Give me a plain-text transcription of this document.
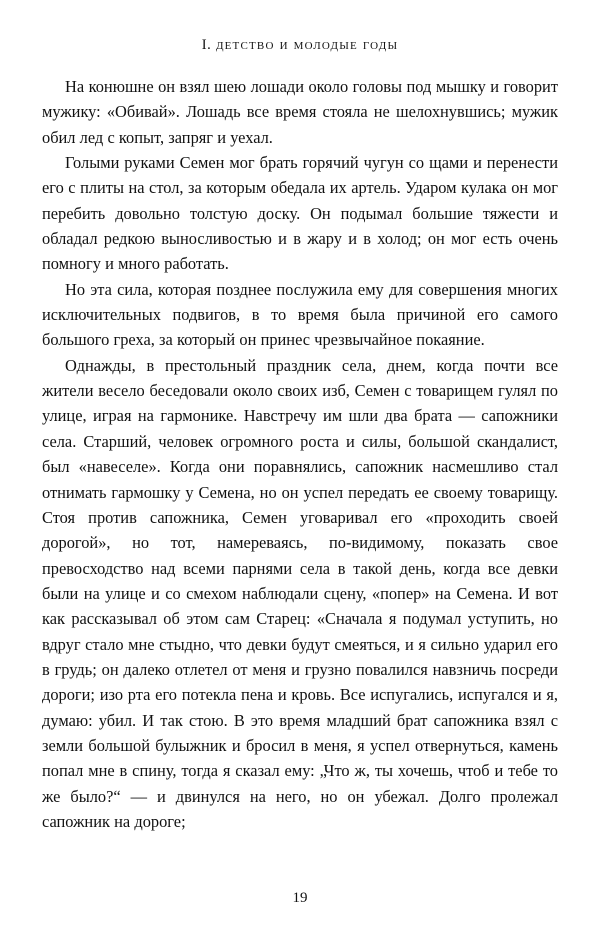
I. детство и молодые годы

На конюшне он взял шею лошади около головы под мышку и говорит мужику: «Обивай». Лошадь все время стояла не шелохнувшись; мужик обил лед с копыт, запряг и уехал.

Голыми руками Семен мог брать горячий чугун со щами и перенести его с плиты на стол, за которым обедала их артель. Ударом кулака он мог перебить довольно толстую доску. Он подымал большие тяжести и обладал редкою выносливостью и в жару и в холод; он мог есть очень помногу и много работать.

Но эта сила, которая позднее послужила ему для совершения многих исключительных подвигов, в то время была причиной его самого большого греха, за который он принес чрезвычайное покаяние.

Однажды, в престольный праздник села, днем, когда почти все жители весело беседовали около своих изб, Семен с товарищем гулял по улице, играя на гармонике. Навстречу им шли два брата — сапожники села. Старший, человек огромного роста и силы, большой скандалист, был «навеселе». Когда они поравнялись, сапожник насмешливо стал отнимать гармошку у Семена, но он успел передать ее своему товарищу. Стоя против сапожника, Семен уговаривал его «проходить своей дорогой», но тот, намереваясь, по-видимому, показать свое превосходство над всеми парнями села в такой день, когда все девки были на улице и со смехом наблюдали сцену, «попер» на Семена. И вот как рассказывал об этом сам Старец: «Сначала я подумал уступить, но вдруг стало мне стыдно, что девки будут смеяться, и я сильно ударил его в грудь; он далеко отлетел от меня и грузно повалился навзничь посреди дороги; изо рта его потекла пена и кровь. Все испугались, испугался и я, думаю: убил. И так стою. В это время младший брат сапожника взял с земли большой булыжник и бросил в меня, я успел отвернуться, камень попал мне в спину, тогда я сказал ему: „Что ж, ты хочешь, чтоб и тебе то же было?“ — и двинулся на него, но он убежал. Долго пролежал сапожник на дороге;

19
